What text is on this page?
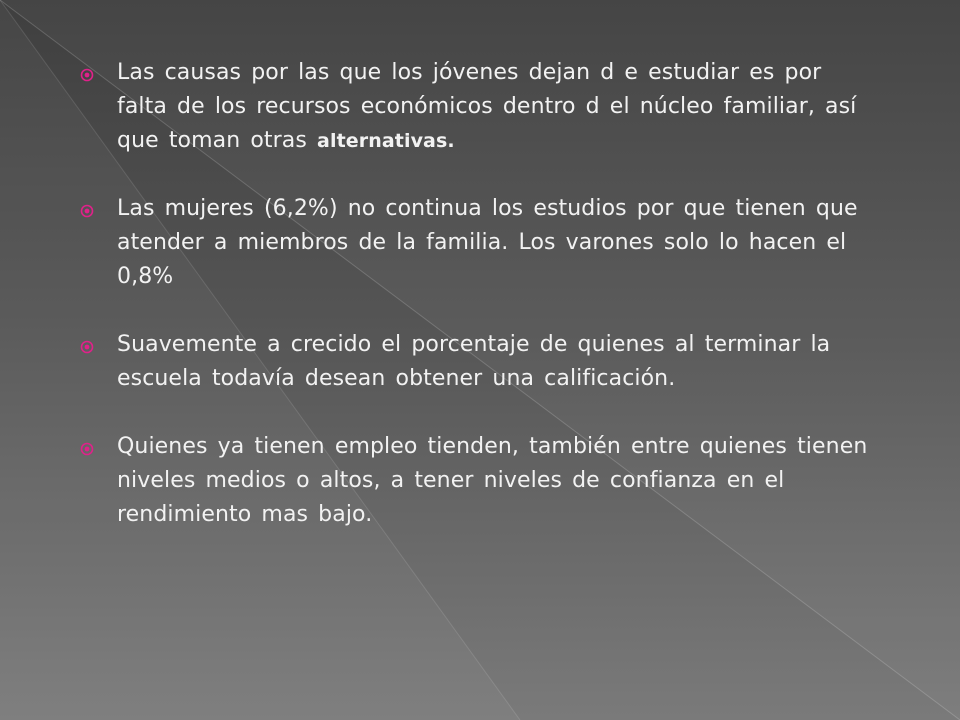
Las causas por las que los jóvenes dejan d e estudiar es por falta de los recursos económicos dentro d el núcleo familiar, así que toman otras alternativas.
Las mujeres (6,2%) no continua los estudios por que tienen que atender a miembros de la familia. Los varones solo lo hacen el 0,8%
Suavemente a crecido el porcentaje de quienes al terminar la escuela todavía desean obtener una calificación.
Quienes ya tienen empleo tienden, también entre quienes tienen niveles medios o altos, a tener niveles de confianza en el rendimiento mas bajo.
